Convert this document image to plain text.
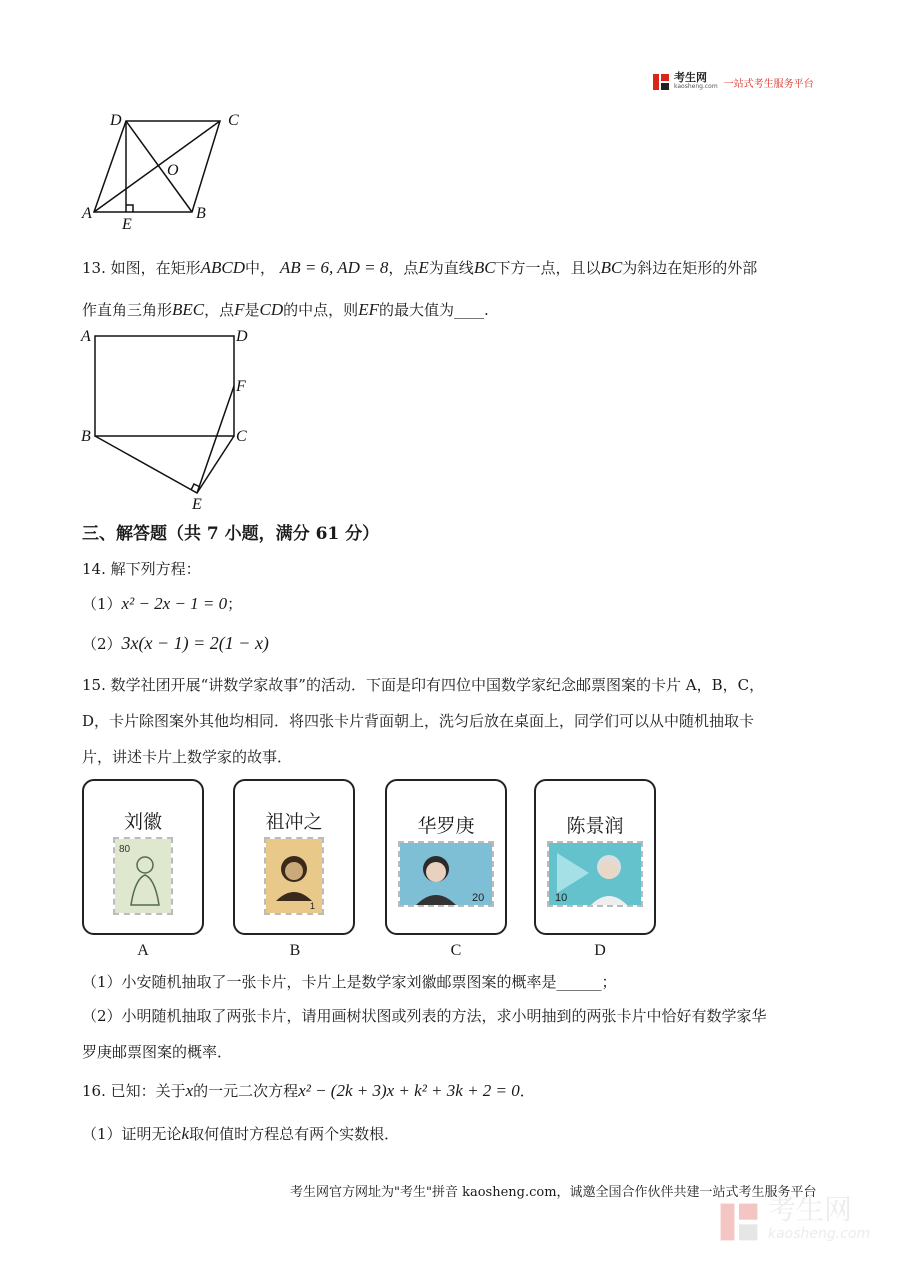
考生网
kaosheng.com 一站式考生服务平台
D	C
O
A
E
B
13. 如图，在矩形ABCD中， AB = 6, AD = 8，点E为直线BC下方一点，且以BC为斜边在矩形的外部
作直角三角形BEC，点F是CD的中点，则EF的最大值为____.
A	D
F
B	C
E
三、解答题（共 7 小题，满分 61 分）
14. 解下列方程：
（1）x² − 2x − 1 = 0；
（2）3x(x − 1) = 2(1 − x)
15. 数学社团开展“讲数学家故事”的活动．下面是印有四位中国数学家纪念邮票图案的卡片 A，B，C，
D，卡片除图案外其他均相同．将四张卡片背面朝上，洗匀后放在桌面上，同学们可以从中随机抽取卡
片，讲述卡片上数学家的故事．
刘徽
80
A
祖冲之
1
B
华罗庚
20
C
陈景润
10
D
（1）小安随机抽取了一张卡片，卡片上是数学家刘徽邮票图案的概率是______；
（2）小明随机抽取了两张卡片，请用画树状图或列表的方法，求小明抽到的两张卡片中恰好有数学家华
罗庚邮票图案的概率．
16. 已知：关于x的一元二次方程x² − (2k + 3)x + k² + 3k + 2 = 0．
（1）证明无论k取何值时方程总有两个实数根．
考生网官方网址为"考生"拼音 kaosheng.com，诚邀全国合作伙伴共建一站式考生服务平台
考生网
kaosheng.com
